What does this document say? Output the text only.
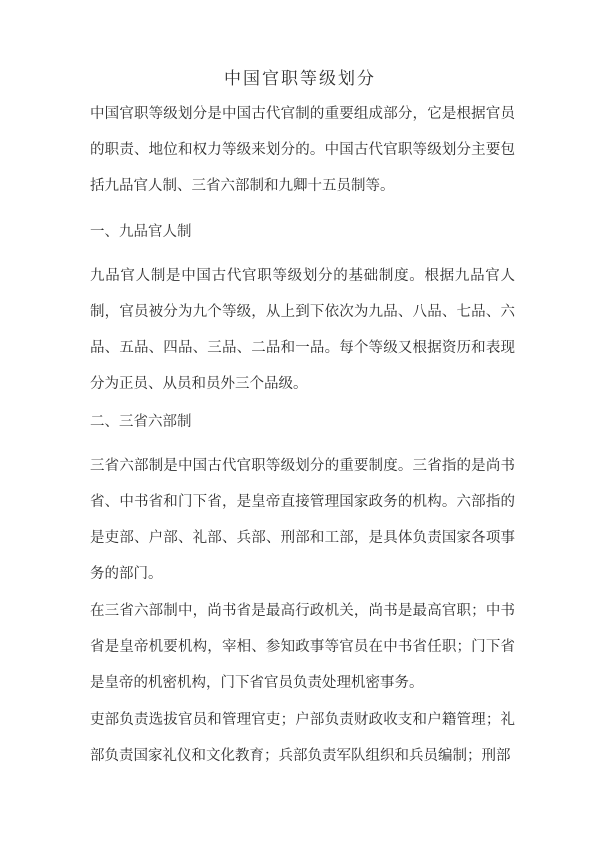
中国官职等级划分

中国官职等级划分是中国古代官制的重要组成部分，它是根据官员的职责、地位和权力等级来划分的。中国古代官职等级划分主要包括九品官人制、三省六部制和九卿十五员制等。

一、九品官人制

九品官人制是中国古代官职等级划分的基础制度。根据九品官人制，官员被分为九个等级，从上到下依次为九品、八品、七品、六品、五品、四品、三品、二品和一品。每个等级又根据资历和表现分为正员、从员和员外三个品级。

二、三省六部制

三省六部制是中国古代官职等级划分的重要制度。三省指的是尚书省、中书省和门下省，是皇帝直接管理国家政务的机构。六部指的是吏部、户部、礼部、兵部、刑部和工部，是具体负责国家各项事务的部门。

在三省六部制中，尚书省是最高行政机关，尚书是最高官职；中书省是皇帝机要机构，宰相、参知政事等官员在中书省任职；门下省是皇帝的机密机构，门下省官员负责处理机密事务。

吏部负责选拔官员和管理官吏；户部负责财政收支和户籍管理；礼部负责国家礼仪和文化教育；兵部负责军队组织和兵员编制；刑部
